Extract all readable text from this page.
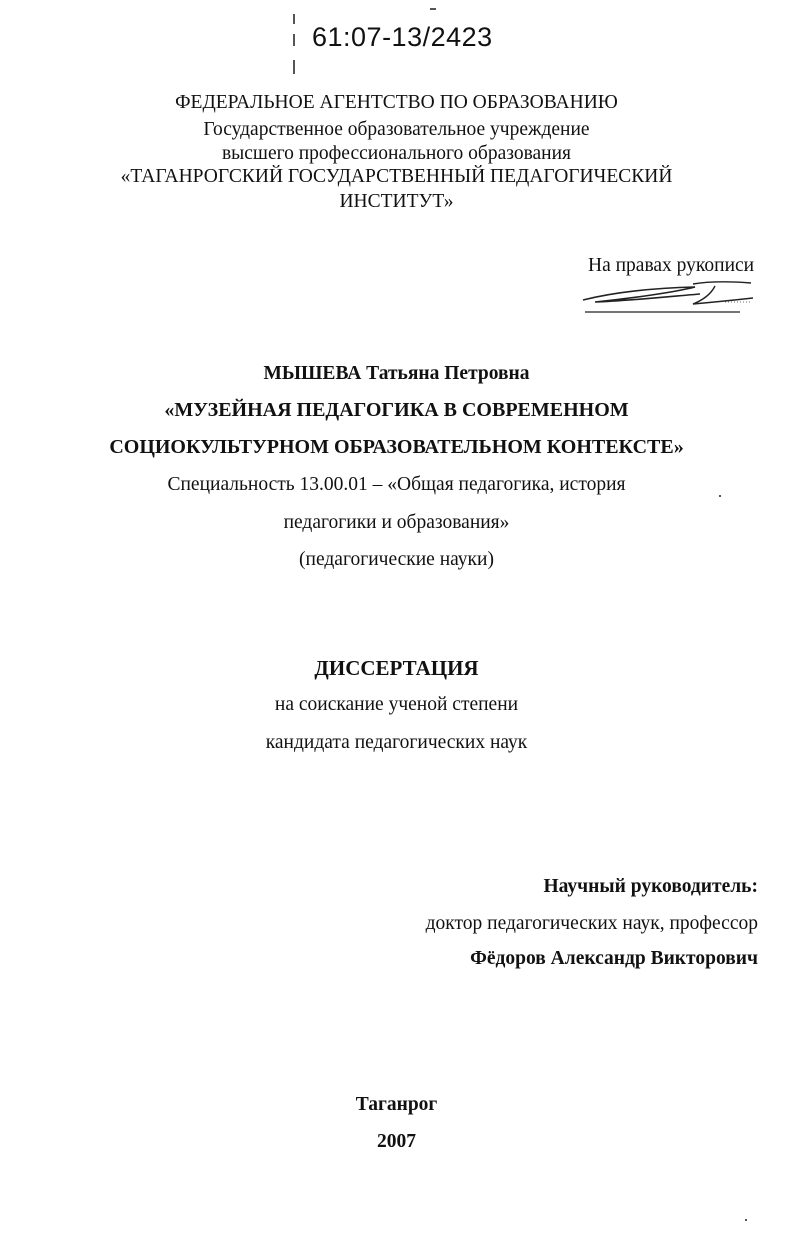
61:07-13/2423
ФЕДЕРАЛЬНОЕ АГЕНТСТВО ПО ОБРАЗОВАНИЮ
Государственное образовательное учреждение
высшего профессионального образования
«ТАГАНРОГСКИЙ ГОСУДАРСТВЕННЫЙ ПЕДАГОГИЧЕСКИЙ
ИНСТИТУТ»
На правах рукописи
МЫШЕВА Татьяна Петровна
«МУЗЕЙНАЯ ПЕДАГОГИКА В СОВРЕМЕННОМ
СОЦИОКУЛЬТУРНОМ ОБРАЗОВАТЕЛЬНОМ КОНТЕКСТЕ»
Специальность 13.00.01 – «Общая педагогика, история
педагогики и образования»
(педагогические науки)
ДИССЕРТАЦИЯ
на соискание ученой степени
кандидата педагогических наук
Научный руководитель:
доктор педагогических наук, профессор
Фёдоров Александр Викторович
Таганрог
2007
